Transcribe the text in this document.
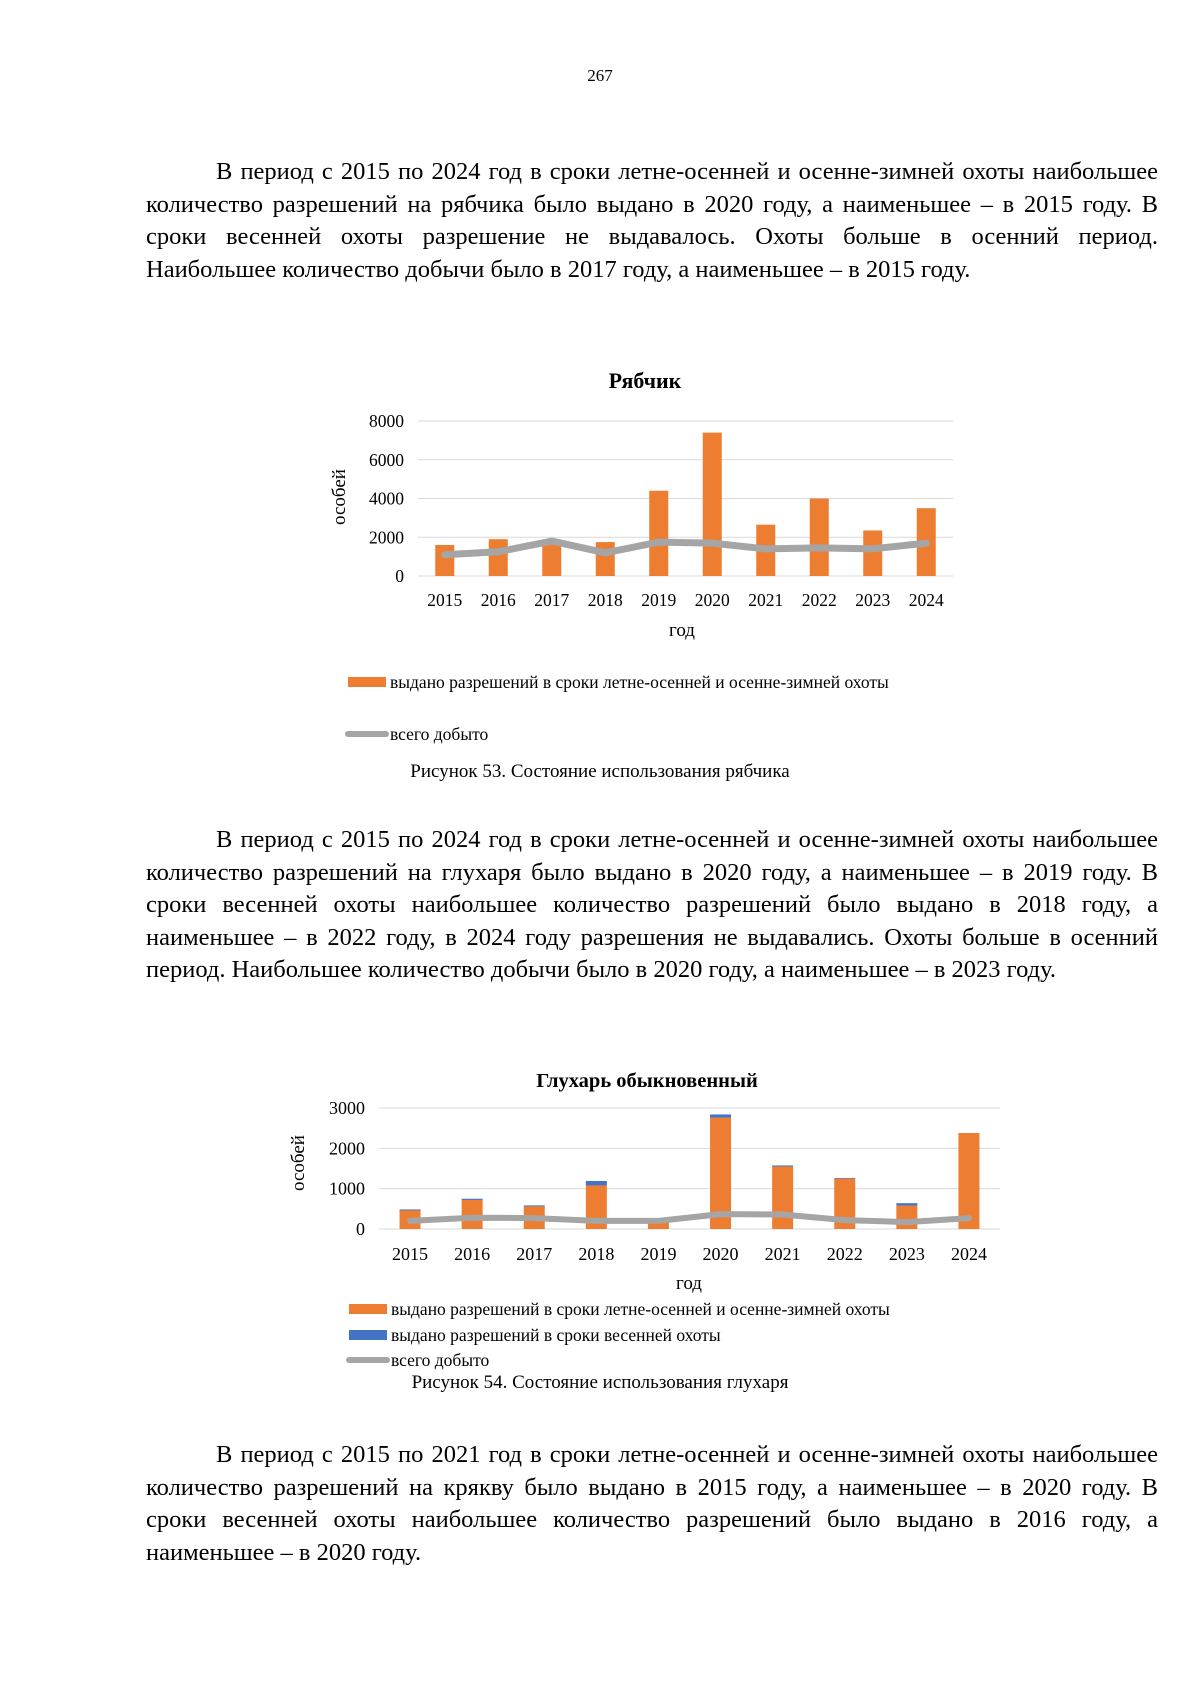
267

В период с 2015 по 2024 год в сроки летне-осенней и осенне-зимней охоты наибольшее количество разрешений на рябчика было выдано в 2020 году, а наименьшее – в 2015 году. В сроки весенней охоты разрешение не выдавалось. Охоты больше в осенний период. Наибольшее количество добычи было в 2017 году, а наименьшее – в 2015 году.

Рябчик
0
2000
4000
6000
8000
особей
2015 2016 2017 2018 2019 2020 2021 2022 2023 2024
год
выдано разрешений в сроки летне-осенней и осенне-зимней охоты
всего добыто
Рисунок 53. Состояние использования рябчика

В период с 2015 по 2024 год в сроки летне-осенней и осенне-зимней охоты наибольшее количество разрешений на глухаря было выдано в 2020 году, а наименьшее – в 2019 году. В сроки весенней охоты наибольшее количество разрешений было выдано в 2018 году, а наименьшее – в 2022 году, в 2024 году разрешения не выдавались. Охоты больше в осенний период. Наибольшее количество добычи было в 2020 году, а наименьшее – в 2023 году.

Глухарь обыкновенный
0
1000
2000
3000
особей
2015 2016 2017 2018 2019 2020 2021 2022 2023 2024
год
выдано разрешений в сроки летне-осенней и осенне-зимней охоты
выдано разрешений в сроки весенней охоты
всего добыто
Рисунок 54. Состояние использования глухаря

В период с 2015 по 2021 год в сроки летне-осенней и осенне-зимней охоты наибольшее количество разрешений на крякву было выдано в 2015 году, а наименьшее – в 2020 году. В сроки весенней охоты наибольшее количество разрешений было выдано в 2016 году, а наименьшее – в 2020 году.
